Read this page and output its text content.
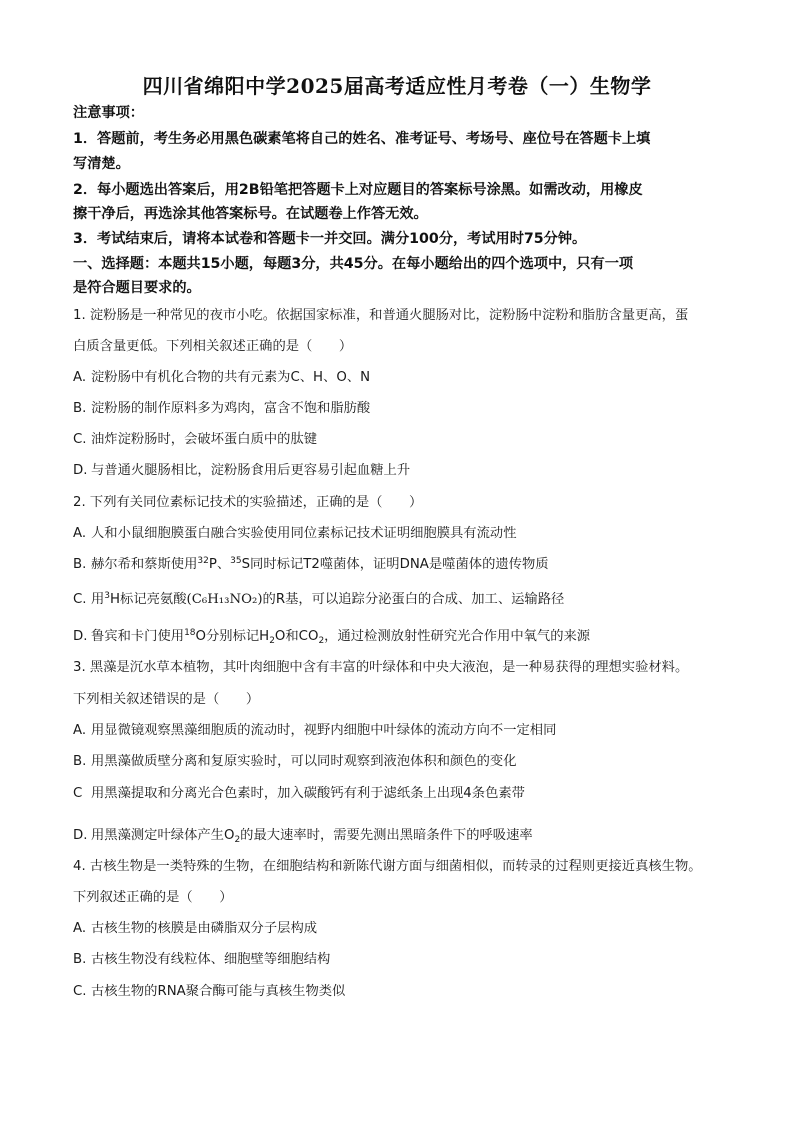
四川省绵阳中学2025届高考适应性月考卷（一）生物学
注意事项：
1．答题前，考生务必用黑色碳素笔将自己的姓名、准考证号、考场号、座位号在答题卡上填
写清楚。
2．每小题选出答案后，用2B铅笔把答题卡上对应题目的答案标号涂黑。如需改动，用橡皮
擦干净后，再选涂其他答案标号。在试题卷上作答无效。
3．考试结束后，请将本试卷和答题卡一并交回。满分100分，考试用时75分钟。
一、选择题：本题共15小题，每题3分，共45分。在每小题给出的四个选项中，只有一项
是符合题目要求的。
1. 淀粉肠是一种常见的夜市小吃。依据国家标准，和普通火腿肠对比，淀粉肠中淀粉和脂肪含量更高，蛋
白质含量更低。下列相关叙述正确的是（　　）
A. 淀粉肠中有机化合物的共有元素为C、H、O、N
B. 淀粉肠的制作原料多为鸡肉，富含不饱和脂肪酸
C. 油炸淀粉肠时，会破坏蛋白质中的肽键
D. 与普通火腿肠相比，淀粉肠食用后更容易引起血糖上升
2. 下列有关同位素标记技术的实验描述，正确的是（　　）
A. 人和小鼠细胞膜蛋白融合实验使用同位素标记技术证明细胞膜具有流动性
B. 赫尔希和蔡斯使用$^{32}$P、$^{35}$S同时标记T2噬菌体，证明DNA是噬菌体的遗传物质
C. 用$^3$H标记亮氨酸(C₆H₁₃NO₂)的R基，可以追踪分泌蛋白的合成、加工、运输路径
D. 鲁宾和卡门使用$^{18}$O分别标记$H_2O$和$CO_2$，通过检测放射性研究光合作用中氧气的来源
3. 黑藻是沉水草本植物，其叶肉细胞中含有丰富的叶绿体和中央大液泡，是一种易获得的理想实验材料。
下列相关叙述错误的是（　　）
A. 用显微镜观察黑藻细胞质的流动时，视野内细胞中叶绿体的流动方向不一定相同
B. 用黑藻做质壁分离和复原实验时，可以同时观察到液泡体积和颜色的变化
C 用黑藻提取和分离光合色素时，加入碳酸钙有利于滤纸条上出现4条色素带
D. 用黑藻测定叶绿体产生$O_2$的最大速率时，需要先测出黑暗条件下的呼吸速率
4. 古核生物是一类特殊的生物，在细胞结构和新陈代谢方面与细菌相似，而转录的过程则更接近真核生物。
下列叙述正确的是（　　）
A. 古核生物的核膜是由磷脂双分子层构成
B. 古核生物没有线粒体、细胞壁等细胞结构
C. 古核生物的RNA聚合酶可能与真核生物类似
